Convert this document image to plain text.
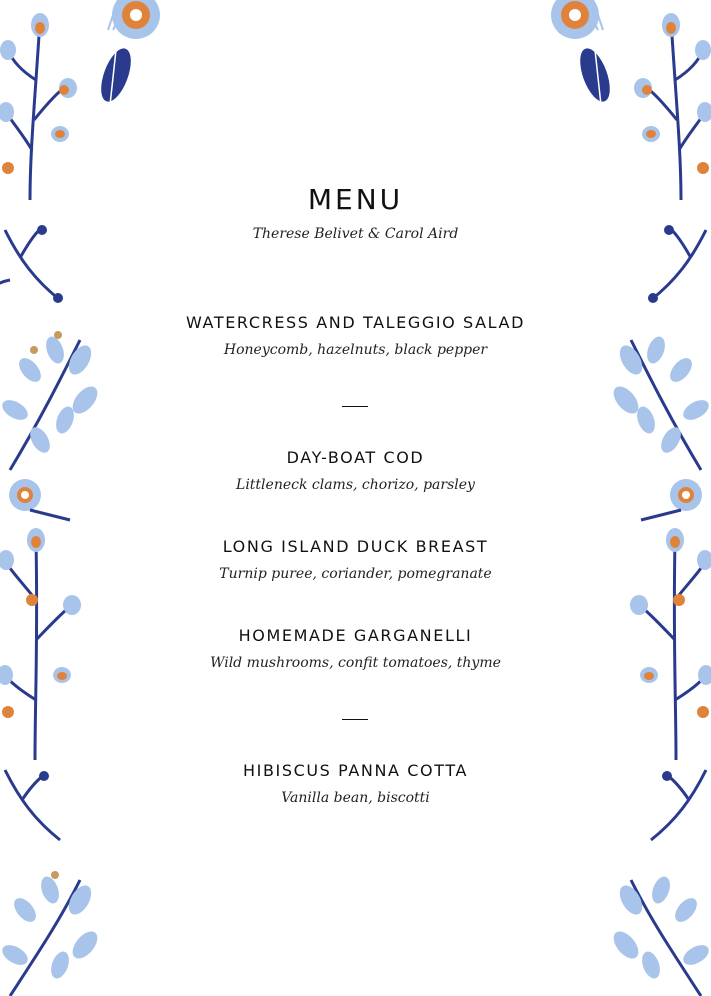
MENU
Therese Belivet & Carol Aird
WATERCRESS AND TALEGGIO SALAD
Honeycomb, hazelnuts, black pepper
DAY-BOAT COD
Littleneck clams, chorizo, parsley
LONG ISLAND DUCK BREAST
Turnip puree, coriander, pomegranate
HOMEMADE GARGANELLI
Wild mushrooms, confit tomatoes, thyme
HIBISCUS PANNA COTTA
Vanilla bean, biscotti
